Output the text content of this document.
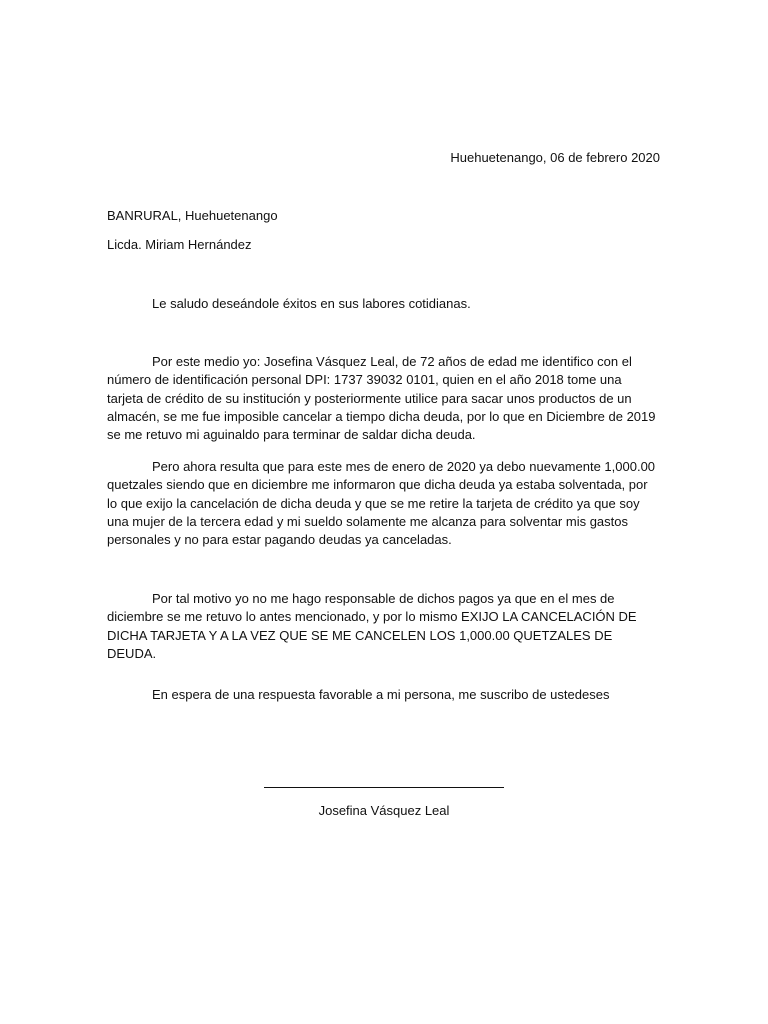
Huehuetenango, 06 de febrero 2020
BANRURAL, Huehuetenango
Licda. Miriam Hernández

Le saludo deseándole éxitos en sus labores cotidianas.

Por este medio yo: Josefina Vásquez Leal, de 72 años de edad me identifico con el número de identificación personal DPI: 1737 39032 0101, quien en el año 2018 tome una tarjeta de crédito de su institución y posteriormente utilice para sacar unos productos de un almacén, se me fue imposible cancelar a tiempo dicha deuda, por lo que en Diciembre de 2019 se me retuvo mi aguinaldo para terminar de saldar dicha deuda.

Pero ahora resulta que para este mes de enero de 2020 ya debo nuevamente 1,000.00 quetzales siendo que en diciembre me informaron que dicha deuda ya estaba solventada, por lo que exijo la cancelación de dicha deuda y que se me retire la tarjeta de crédito ya que soy una mujer de la tercera edad y mi sueldo solamente me alcanza para solventar mis gastos personales y no para estar pagando deudas ya canceladas.

Por tal motivo yo no me hago responsable de dichos pagos ya que en el mes de diciembre se me retuvo lo antes mencionado, y por lo mismo EXIJO LA CANCELACIÓN DE DICHA TARJETA Y A LA VEZ QUE SE ME CANCELEN LOS 1,000.00 QUETZALES DE DEUDA.

En espera de una respuesta favorable a mi persona, me suscribo de ustedeses

Josefina Vásquez Leal
